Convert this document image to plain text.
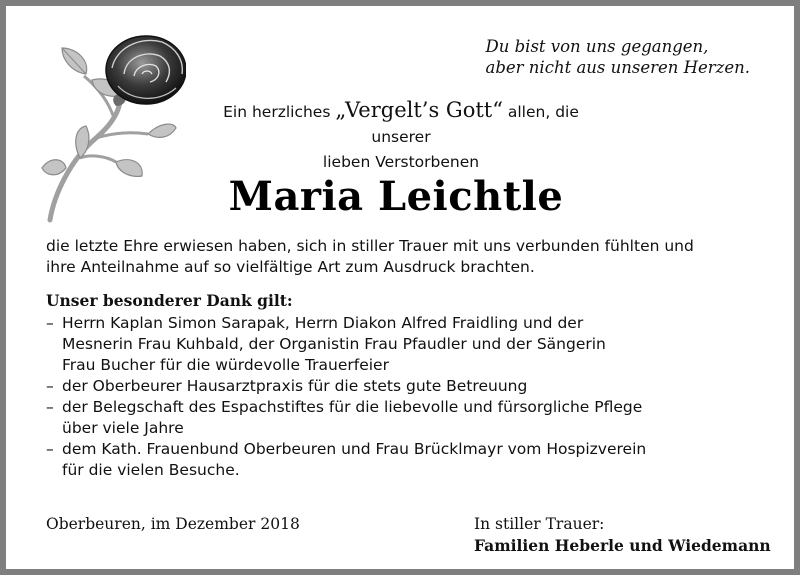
Du bist von uns gegangen,
aber nicht aus unseren Herzen.
Ein herzliches „Vergelt’s Gott“ allen, die unserer
lieben Verstorbenen
Maria Leichtle
die letzte Ehre erwiesen haben, sich in stiller Trauer mit uns verbunden fühlten und
ihre Anteilnahme auf so vielfältige Art zum Ausdruck brachten.
Unser besonderer Dank gilt:
– Herrn Kaplan Simon Sarapak, Herrn Diakon Alfred Fraidling und der
Mesnerin Frau Kuhbald, der Organistin Frau Pfaudler und der Sängerin
Frau Bucher für die würdevolle Trauerfeier
– der Oberbeurer Hausarztpraxis für die stets gute Betreuung
– der Belegschaft des Espachstiftes für die liebevolle und fürsorgliche Pflege
über viele Jahre
– dem Kath. Frauenbund Oberbeuren und Frau Brücklmayr vom Hospizverein
für die vielen Besuche.
Oberbeuren, im Dezember 2018	In stiller Trauer:
Familien Heberle und Wiedemann
